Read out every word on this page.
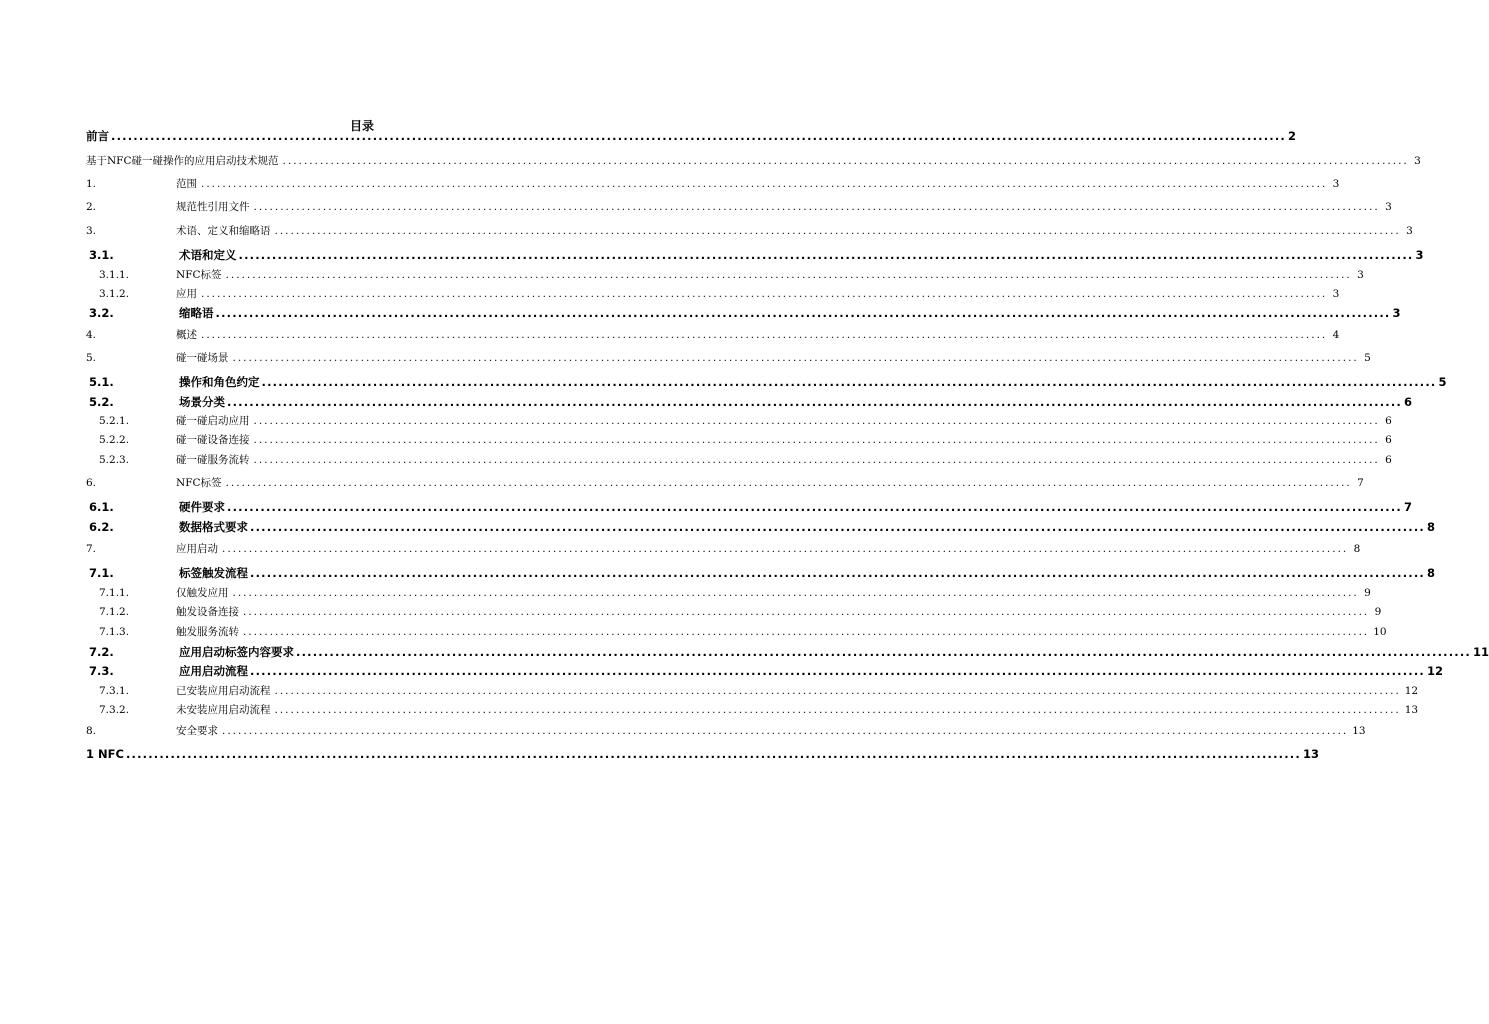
目录
前言 ................................................................................................................................................................................................................... 2
基于NFC碰一碰操作的应用启动技术规范 ................................................................................................................................................................................................................... 3
1.	范围 ................................................................................................................................................................................................................... 3
2.	规范性引用文件 ................................................................................................................................................................................................................... 3
3.	术语、定义和缩略语 ................................................................................................................................................................................................................... 3
3.1.	术语和定义 ................................................................................................................................................................................................................... 3
3.1.1.	NFC标签 ................................................................................................................................................................................................................... 3
3.1.2.	应用 ................................................................................................................................................................................................................... 3
3.2.	缩略语 ................................................................................................................................................................................................................... 3
4.	概述 ................................................................................................................................................................................................................... 4
5.	碰一碰场景 ................................................................................................................................................................................................................... 5
5.1.	操作和角色约定 ................................................................................................................................................................................................................... 5
5.2.	场景分类 ................................................................................................................................................................................................................... 6
5.2.1.	碰一碰启动应用 ................................................................................................................................................................................................................... 6
5.2.2.	碰一碰设备连接 ................................................................................................................................................................................................................... 6
5.2.3.	碰一碰服务流转 ................................................................................................................................................................................................................... 6
6.	NFC标签 ................................................................................................................................................................................................................... 7
6.1.	硬件要求 ................................................................................................................................................................................................................... 7
6.2.	数据格式要求 ................................................................................................................................................................................................................... 8
7.	应用启动 ................................................................................................................................................................................................................... 8
7.1.	标签触发流程 ................................................................................................................................................................................................................... 8
7.1.1.	仅触发应用 ................................................................................................................................................................................................................... 9
7.1.2.	触发设备连接 ................................................................................................................................................................................................................... 9
7.1.3.	触发服务流转 ................................................................................................................................................................................................................... 10
7.2.	应用启动标签内容要求 ................................................................................................................................................................................................................... 11
7.3.	应用启动流程 ................................................................................................................................................................................................................... 12
7.3.1.	已安装应用启动流程 ................................................................................................................................................................................................................... 12
7.3.2.	未安装应用启动流程 ................................................................................................................................................................................................................... 13
8.	安全要求 ................................................................................................................................................................................................................... 13
1 NFC ................................................................................................................................................................................................................... 13
